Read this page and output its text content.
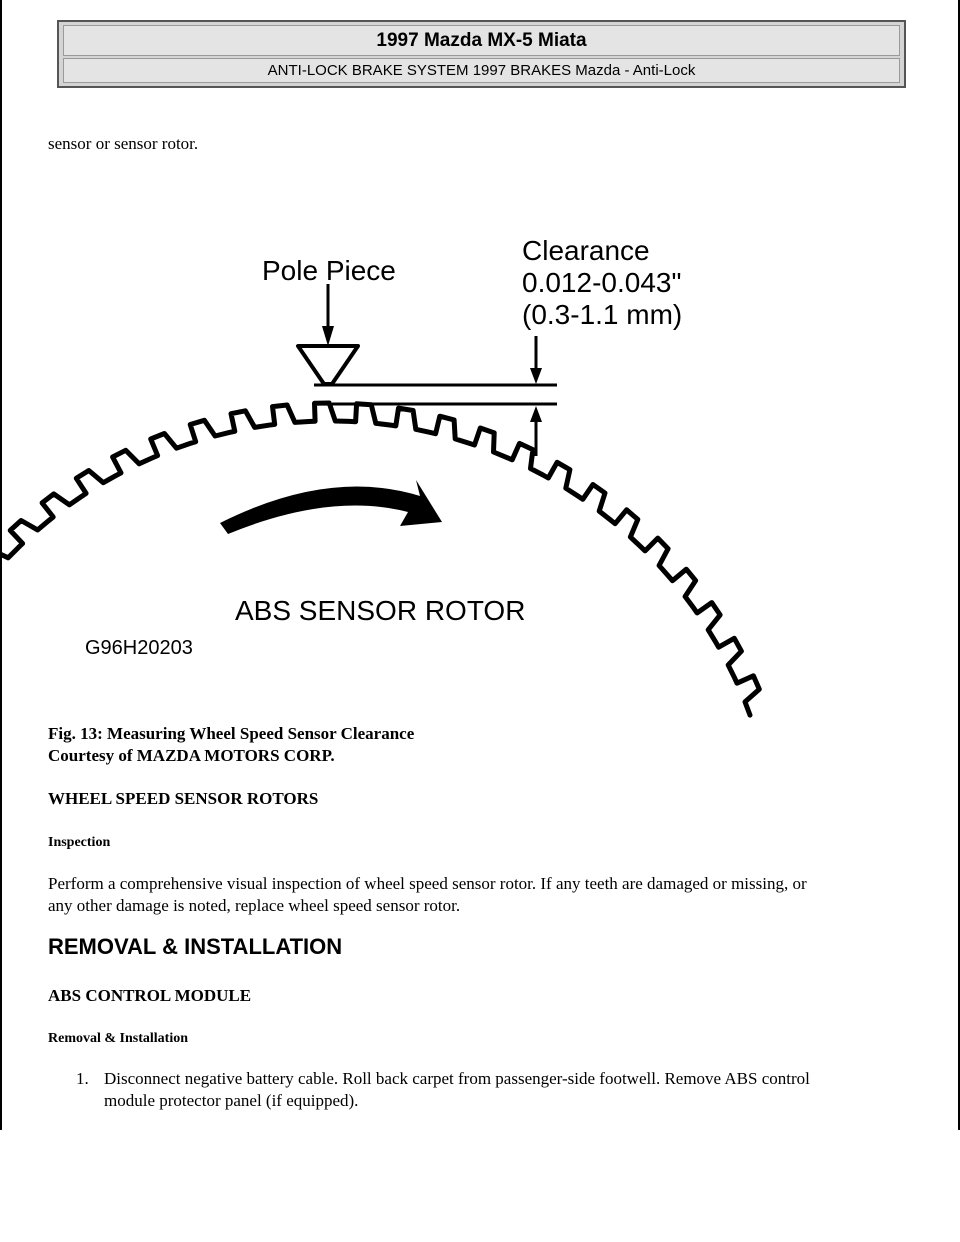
1997 Mazda MX-5 Miata
ANTI-LOCK BRAKE SYSTEM 1997 BRAKES Mazda - Anti-Lock
sensor or sensor rotor.
Pole Piece
Clearance
0.012-0.043"
(0.3-1.1 mm)
ABS SENSOR ROTOR
G96H20203
Fig. 13: Measuring Wheel Speed Sensor Clearance
Courtesy of MAZDA MOTORS CORP.
WHEEL SPEED SENSOR ROTORS
Inspection
Perform a comprehensive visual inspection of wheel speed sensor rotor. If any teeth are damaged or missing, or
any other damage is noted, replace wheel speed sensor rotor.
REMOVAL & INSTALLATION
ABS CONTROL MODULE
Removal & Installation
1. Disconnect negative battery cable. Roll back carpet from passenger-side footwell. Remove ABS control
module protector panel (if equipped).
